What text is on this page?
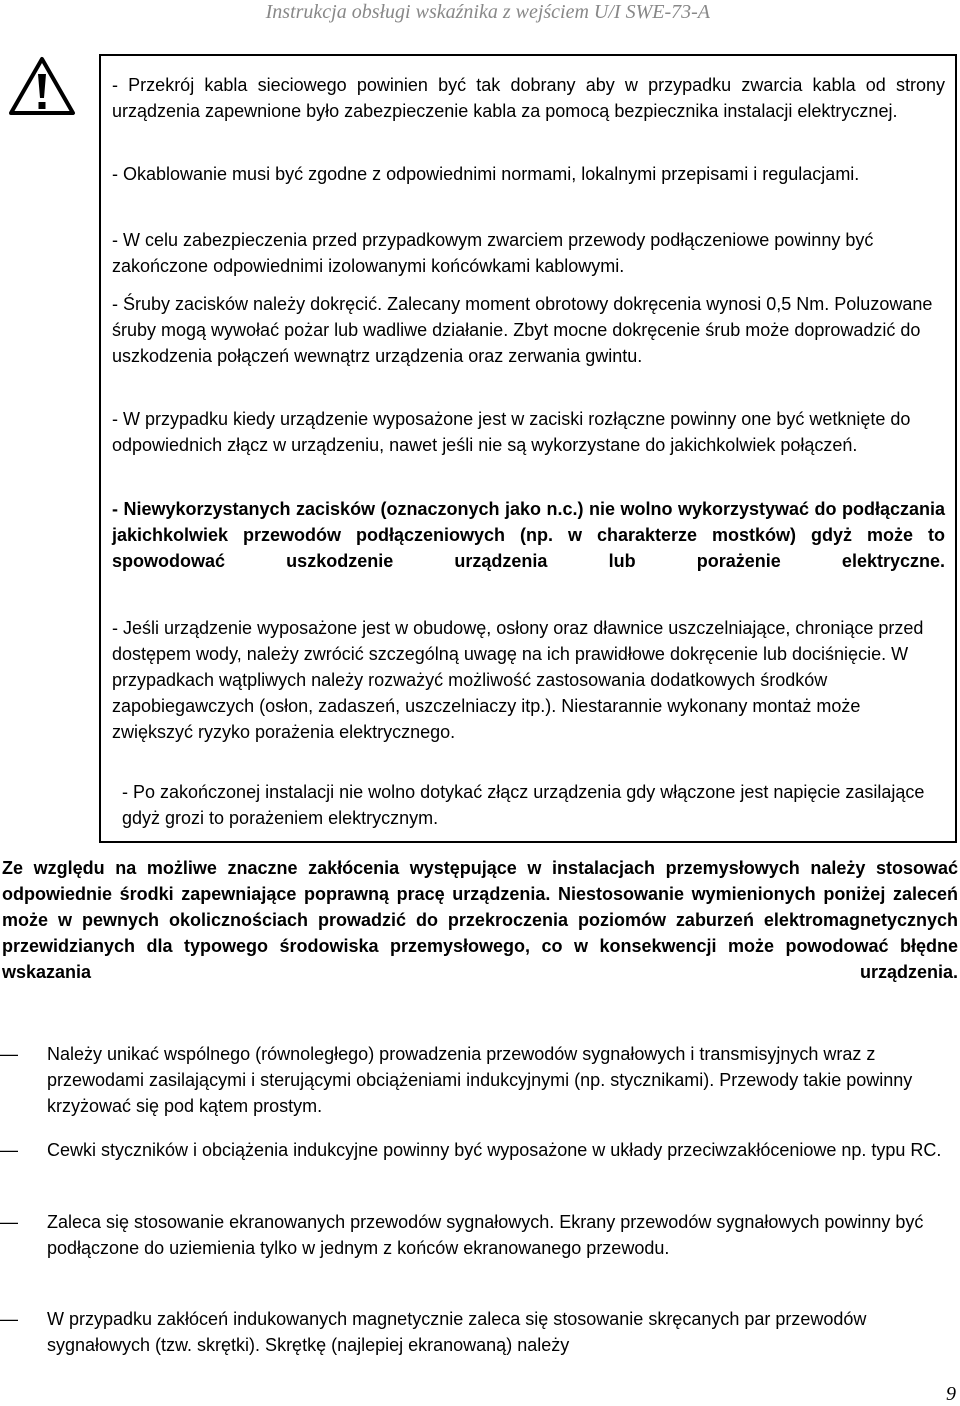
Instrukcja obsługi wskaźnika z wejściem U/I SWE-73-A

- Przekrój kabla sieciowego powinien być tak dobrany aby w przypadku zwarcia kabla od strony urządzenia zapewnione było zabezpieczenie kabla za pomocą bezpiecznika instalacji elektrycznej.

- Okablowanie musi być zgodne z odpowiednimi normami, lokalnymi przepisami i regulacjami.

- W celu zabezpieczenia przed przypadkowym zwarciem przewody podłączeniowe powinny być zakończone odpowiednimi izolowanymi końcówkami kablowymi.

- Śruby zacisków należy dokręcić. Zalecany moment obrotowy dokręcenia wynosi 0,5 Nm. Poluzowane śruby mogą wywołać pożar lub wadliwe działanie. Zbyt mocne dokręcenie śrub może doprowadzić do uszkodzenia połączeń wewnątrz urządzenia oraz zerwania gwintu.

- W przypadku kiedy urządzenie wyposażone jest w zaciski rozłączne powinny one być wetknięte do odpowiednich złącz w urządzeniu, nawet jeśli nie są wykorzystane do jakichkolwiek połączeń.

- Niewykorzystanych zacisków (oznaczonych jako n.c.) nie wolno wykorzystywać do podłączania jakichkolwiek przewodów podłączeniowych (np. w charakterze mostków) gdyż może to spowodować uszkodzenie urządzenia lub porażenie elektryczne.

- Jeśli urządzenie wyposażone jest w obudowę, osłony oraz dławnice uszczelniające, chroniące przed dostępem wody, należy zwrócić szczególną uwagę na ich prawidłowe dokręcenie lub dociśnięcie. W przypadkach wątpliwych należy rozważyć możliwość zastosowania dodatkowych środków zapobiegawczych (osłon, zadaszeń, uszczelniaczy itp.). Niestarannie wykonany montaż może zwiększyć ryzyko porażenia elektrycznego.

- Po zakończonej instalacji nie wolno dotykać złącz urządzenia gdy włączone jest napięcie zasilające gdyż grozi to porażeniem elektrycznym.

Ze względu na możliwe znaczne zakłócenia występujące w instalacjach przemysłowych należy stosować odpowiednie środki zapewniające poprawną pracę urządzenia. Niestosowanie wymienionych poniżej zaleceń może w pewnych okolicznościach prowadzić do przekroczenia poziomów zaburzeń elektromagnetycznych przewidzianych dla typowego środowiska przemysłowego, co w konsekwencji może powodować błędne wskazania urządzenia.

— Należy unikać wspólnego (równoległego) prowadzenia przewodów sygnałowych i transmisyjnych wraz z przewodami zasilającymi i sterującymi obciążeniami indukcyjnymi (np. stycznikami). Przewody takie powinny krzyżować się pod kątem prostym.

— Cewki styczników i obciążenia indukcyjne powinny być wyposażone w układy przeciwzakłóceniowe np. typu RC.

— Zaleca się stosowanie ekranowanych przewodów sygnałowych. Ekrany przewodów sygnałowych powinny być podłączone do uziemienia tylko w jednym z końców ekranowanego przewodu.

— W przypadku zakłóceń indukowanych magnetycznie zaleca się stosowanie skręcanych par przewodów sygnałowych (tzw. skrętki). Skrętkę (najlepiej ekranowaną) należy

9
